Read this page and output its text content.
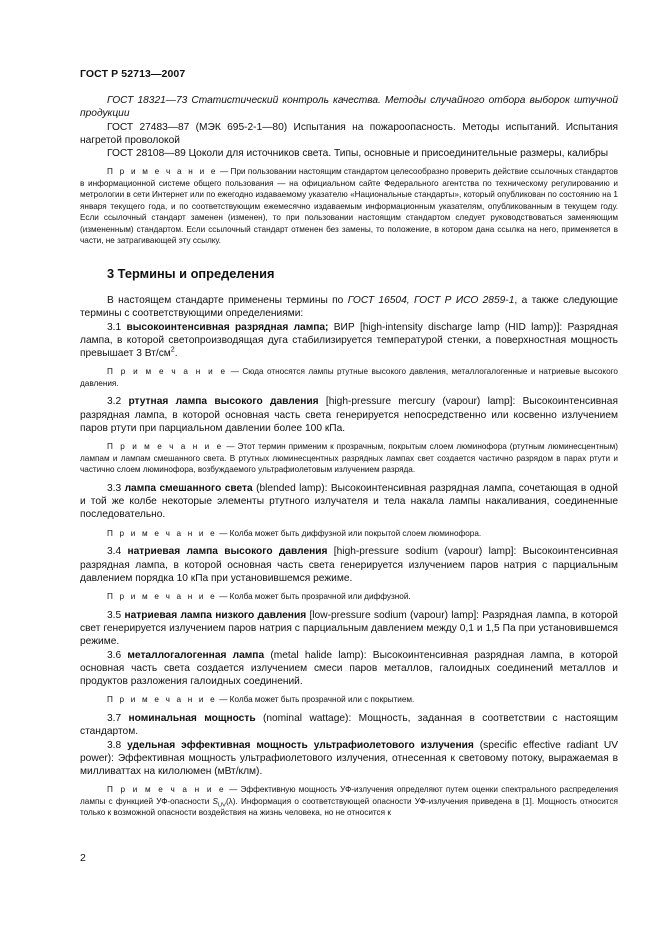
ГОСТ Р 52713—2007

ГОСТ 18321—73 Статистический контроль качества. Методы случайного отбора выборок штучной продукции

ГОСТ 27483—87 (МЭК 695-2-1—80) Испытания на пожароопасность. Методы испытаний. Испытания нагретой проволокой

ГОСТ 28108—89 Цоколи для источников света. Типы, основные и присоединительные размеры, калибры

П р и м е ч а н и е — При пользовании настоящим стандартом целесообразно проверить действие ссылочных стандартов в информационной системе общего пользования — на официальном сайте Федерального агентства по техническому регулированию и метрологии в сети Интернет или по ежегодно издаваемому указателю «Национальные стандарты», который опубликован по состоянию на 1 января текущего года, и по соответствующим ежемесячно издаваемым информационным указателям, опубликованным в текущем году. Если ссылочный стандарт заменен (изменен), то при пользовании настоящим стандартом следует руководствоваться заменяющим (измененным) стандартом. Если ссылочный стандарт отменен без замены, то положение, в котором дана ссылка на него, применяется в части, не затрагивающей эту ссылку.

3 Термины и определения

В настоящем стандарте применены термины по ГОСТ 16504, ГОСТ Р ИСО 2859-1, а также следующие термины с соответствующими определениями:

3.1 высокоинтенсивная разрядная лампа; ВИР [high-intensity discharge lamp (HID lamp)]: Разрядная лампа, в которой светопроизводящая дуга стабилизируется температурой стенки, а поверхностная мощность превышает 3 $Вт/см^2$.

П р и м е ч а н и е — Сюда относятся лампы ртутные высокого давления, металлогалогенные и натриевые высокого давления.

3.2 ртутная лампа высокого давления [high-pressure mercury (vapour) lamp]: Высокоинтенсивная разрядная лампа, в которой основная часть света генерируется непосредственно или косвенно излучением паров ртути при парциальном давлении более 100 кПа.

П р и м е ч а н и е — Этот термин применим к прозрачным, покрытым слоем люминофора (ртутным люминесцентным) лампам и лампам смешанного света. В ртутных люминесцентных разрядных лампах свет создается частично разрядом в парах ртути и частично слоем люминофора, возбуждаемого ультрафиолетовым излучением разряда.

3.3 лампа смешанного света (blended lamp): Высокоинтенсивная разрядная лампа, сочетающая в одной и той же колбе некоторые элементы ртутного излучателя и тела накала лампы накаливания, соединенные последовательно.

П р и м е ч а н и е — Колба может быть диффузной или покрытой слоем люминофора.

3.4 натриевая лампа высокого давления [high-pressure sodium (vapour) lamp]: Высокоинтенсивная разрядная лампа, в которой основная часть света генерируется излучением паров натрия с парциальным давлением порядка 10 кПа при установившемся режиме.

П р и м е ч а н и е — Колба может быть прозрачной или диффузной.

3.5 натриевая лампа низкого давления [low-pressure sodium (vapour) lamp]: Разрядная лампа, в которой свет генерируется излучением паров натрия с парциальным давлением между 0,1 и 1,5 Па при установившемся режиме.

3.6 металлогалогенная лампа (metal halide lamp): Высокоинтенсивная разрядная лампа, в которой основная часть света создается излучением смеси паров металлов, галоидных соединений металлов и продуктов разложения галоидных соединений.

П р и м е ч а н и е — Колба может быть прозрачной или с покрытием.

3.7 номинальная мощность (nominal wattage): Мощность, заданная в соответствии с настоящим стандартом.

3.8 удельная эффективная мощность ультрафиолетового излучения (specific effective radiant UV power): Эффективная мощность ультрафиолетового излучения, отнесенная к световому потоку, выражаемая в милливаттах на килолюмен (мВт/клм).

П р и м е ч а н и е — Эффективную мощность УФ-излучения определяют путем оценки спектрального распределения лампы с функцией УФ-опасности $S_{UV}(\lambda)$. Информация о соответствующей опасности УФ-излучения приведена в [1]. Мощность относится только к возможной опасности воздействия на жизнь человека, но не относится к

2
